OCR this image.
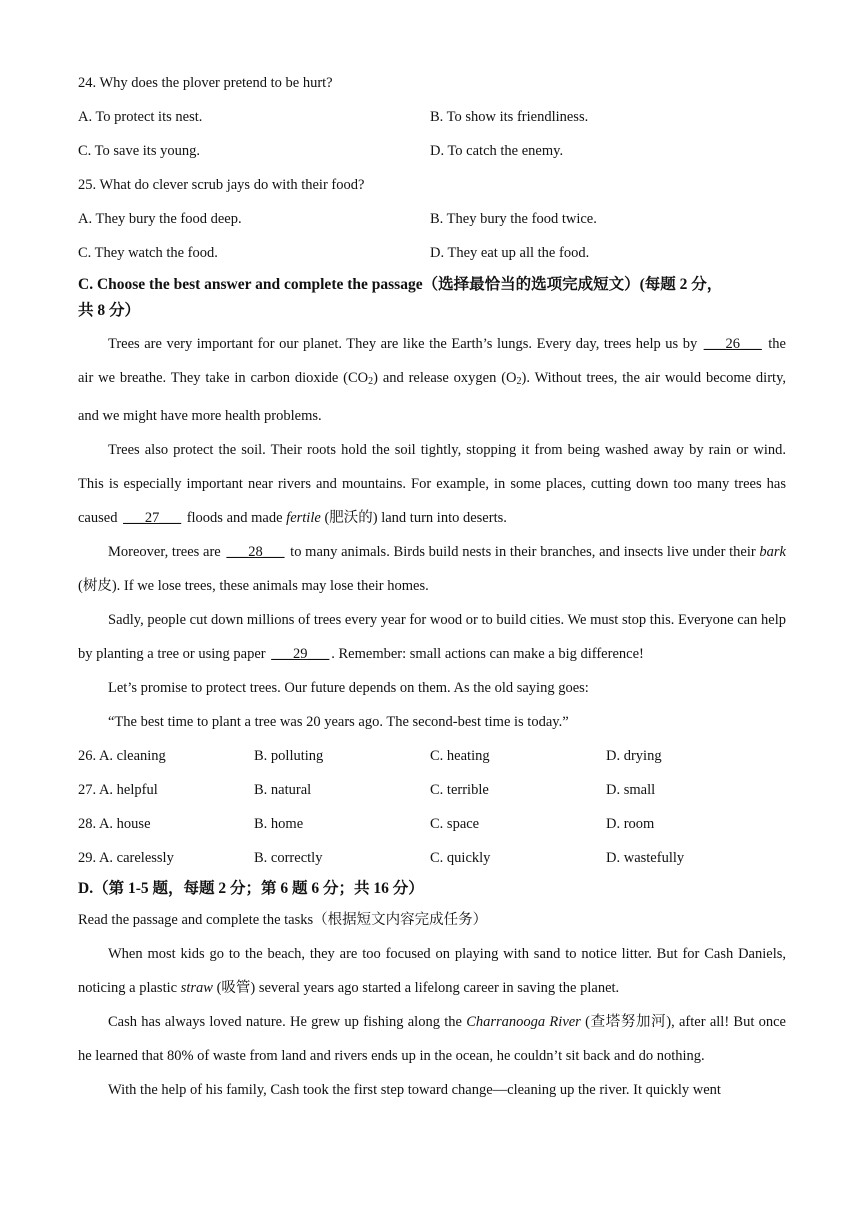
24. Why does the plover pretend to be hurt?
A. To protect its nest.	B. To show its friendliness.
C. To save its young.	D. To catch the enemy.
25. What do clever scrub jays do with their food?
A. They bury the food deep.	B. They bury the food twice.
C. They watch the food.	D. They eat up all the food.
C. Choose the best answer and complete the passage（选择最恰当的选项完成短文）(每题 2 分，
共 8 分）
Trees are very important for our planet. They are like the Earth’s lungs. Every day, trees help us by ___26___ the air we breathe. They take in carbon dioxide $(CO_2)$ and release oxygen $(O_2)$. Without trees, the air would become dirty, and we might have more health problems.
Trees also protect the soil. Their roots hold the soil tightly, stopping it from being washed away by rain or wind. This is especially important near rivers and mountains. For example, in some places, cutting down too many trees has caused ___27___ floods and made fertile (肥沃的) land turn into deserts.
Moreover, trees are ___28___ to many animals. Birds build nests in their branches, and insects live under their bark (树皮). If we lose trees, these animals may lose their homes.
Sadly, people cut down millions of trees every year for wood or to build cities. We must stop this. Everyone can help by planting a tree or using paper ___29___ . Remember: small actions can make a big difference!
Let’s promise to protect trees. Our future depends on them. As the old saying goes:
“The best time to plant a tree was 20 years ago. The second-best time is today.”
26. A. cleaning	B. polluting	C. heating	D. drying
27. A. helpful	B. natural	C. terrible	D. small
28. A. house	B. home	C. space	D. room
29. A. carelessly	B. correctly	C. quickly	D. wastefully
D.（第 1-5 题，每题 2 分；第 6 题 6 分；共 16 分）
Read the passage and complete the tasks（根据短文内容完成任务）
When most kids go to the beach, they are too focused on playing with sand to notice litter. But for Cash Daniels, noticing a plastic straw (吸管) several years ago started a lifelong career in saving the planet.
Cash has always loved nature. He grew up fishing along the Charranooga River (查塔努加河), after all! But once he learned that 80% of waste from land and rivers ends up in the ocean, he couldn’t sit back and do nothing.
With the help of his family, Cash took the first step toward change—cleaning up the river. It quickly went
